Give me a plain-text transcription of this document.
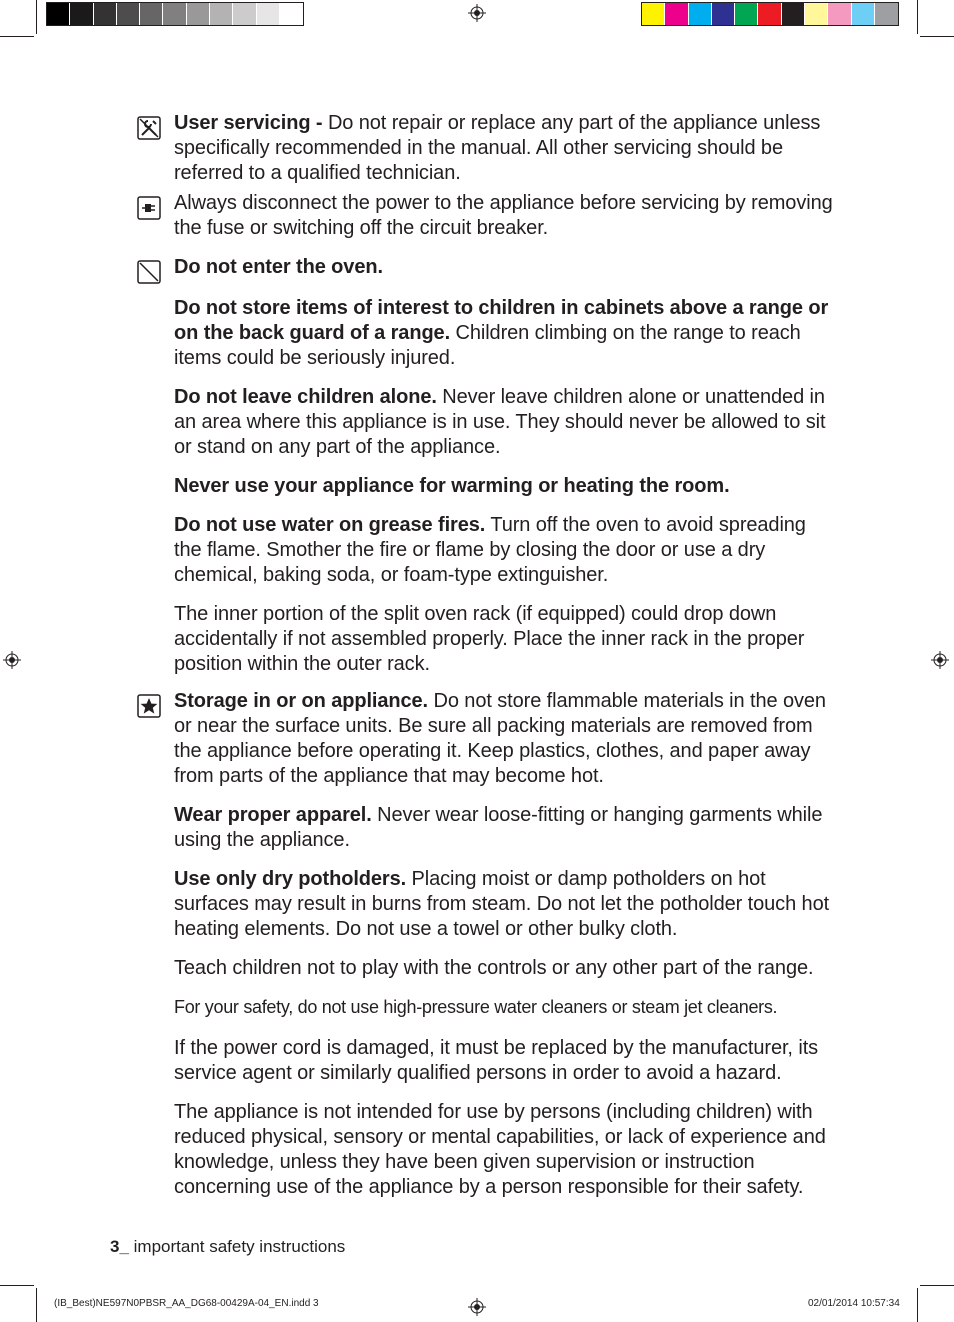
User servicing - Do not repair or replace any part of the appliance unless specifically recommended in the manual. All other servicing should be referred to a qualified technician.

Always disconnect the power to the appliance before servicing by removing the fuse or switching off the circuit breaker.

Do not enter the oven.

Do not store items of interest to children in cabinets above a range or on the back guard of a range. Children climbing on the range to reach items could be seriously injured.

Do not leave children alone. Never leave children alone or unattended in an area where this appliance is in use. They should never be allowed to sit or stand on any part of the appliance.

Never use your appliance for warming or heating the room.

Do not use water on grease fires. Turn off the oven to avoid spreading the flame. Smother the fire or flame by closing the door or use a dry chemical, baking soda, or foam-type extinguisher.

The inner portion of the split oven rack (if equipped) could drop down accidentally if not assembled properly. Place the inner rack in the proper position within the outer rack.

Storage in or on appliance. Do not store flammable materials in the oven or near the surface units. Be sure all packing materials are removed from the appliance before operating it. Keep plastics, clothes, and paper away from parts of the appliance that may become hot.

Wear proper apparel. Never wear loose-fitting or hanging garments while using the appliance.

Use only dry potholders. Placing moist or damp potholders on hot surfaces may result in burns from steam. Do not let the potholder touch hot heating elements. Do not use a towel or other bulky cloth.

Teach children not to play with the controls or any other part of the range.

For your safety, do not use high-pressure water cleaners or steam jet cleaners.

If the power cord is damaged, it must be replaced by the manufacturer, its service agent or similarly qualified persons in order to avoid a hazard.

The appliance is not intended for use by persons (including children) with reduced physical, sensory or mental capabilities, or lack of experience and knowledge, unless they have been given supervision or instruction concerning use of the appliance by a person responsible for their safety.

3_ important safety instructions
(IB_Best)NE597N0PBSR_AA_DG68-00429A-04_EN.indd 3	02/01/2014 10:57:34
